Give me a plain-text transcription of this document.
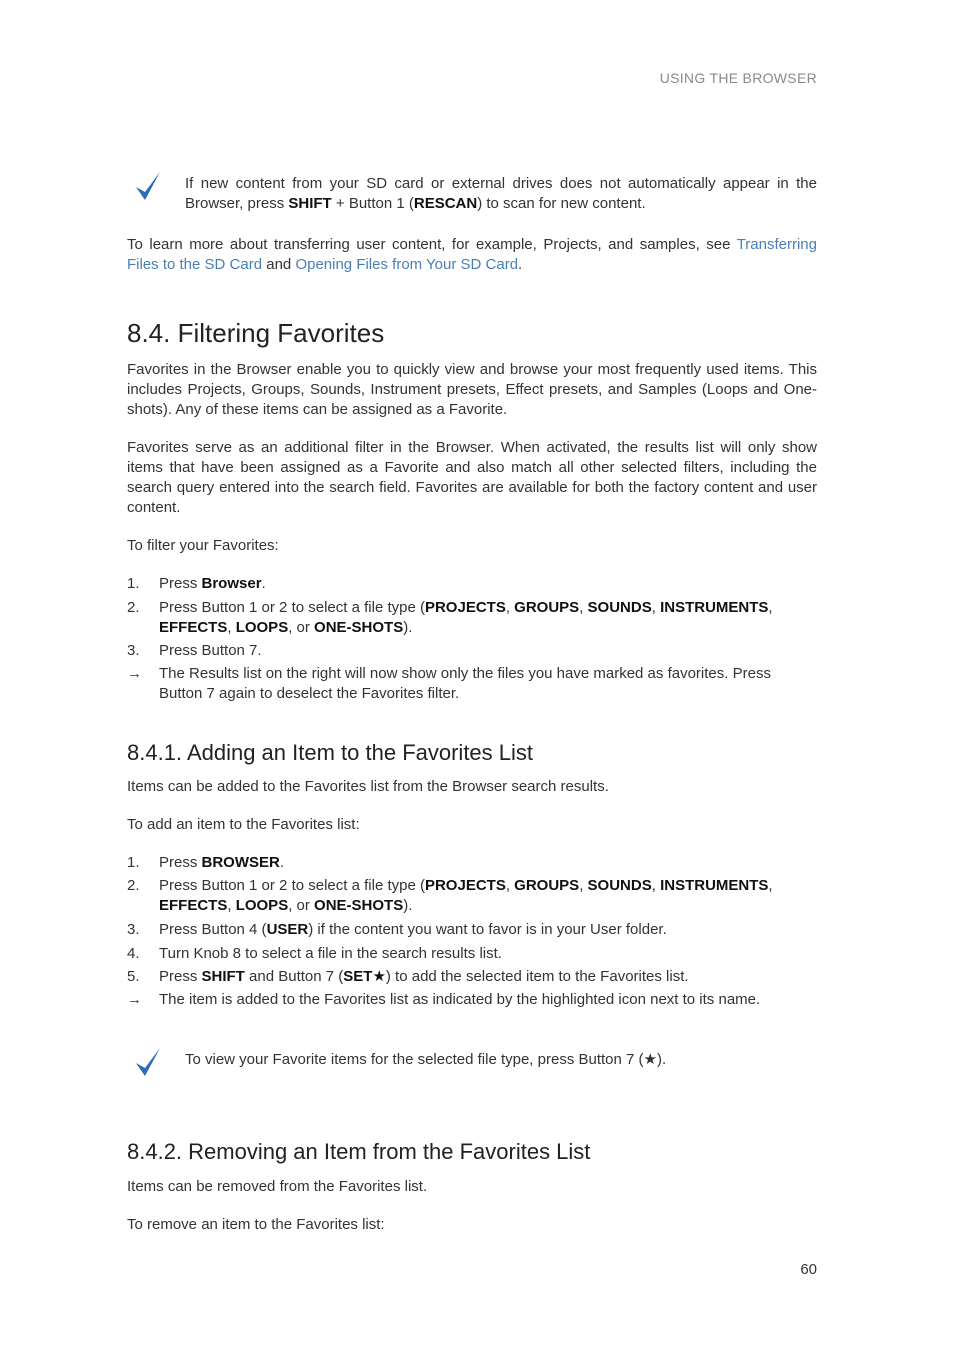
USING THE BROWSER
If new content from your SD card or external drives does not automatically appear in the Browser, press SHIFT + Button 1 (RESCAN) to scan for new content.
To learn more about transferring user content, for example, Projects, and samples, see Transferring Files to the SD Card and Opening Files from Your SD Card.
8.4. Filtering Favorites
Favorites in the Browser enable you to quickly view and browse your most frequently used items. This includes Projects, Groups, Sounds, Instrument presets, Effect presets, and Samples (Loops and One-shots). Any of these items can be assigned as a Favorite.
Favorites serve as an additional filter in the Browser. When activated, the results list will only show items that have been assigned as a Favorite and also match all other selected filters, including the search query entered into the search field. Favorites are available for both the factory content and user content.
To filter your Favorites:
1.	Press Browser.
2.	Press Button 1 or 2 to select a file type (PROJECTS, GROUPS, SOUNDS, INSTRUMENTS,
EFFECTS, LOOPS, or ONE-SHOTS).
3.	Press Button 7.
→	The Results list on the right will now show only the files you have marked as favorites. Press Button 7 again to deselect the Favorites filter.
8.4.1. Adding an Item to the Favorites List
Items can be added to the Favorites list from the Browser search results.
To add an item to the Favorites list:
1.	Press BROWSER.
2.	Press Button 1 or 2 to select a file type (PROJECTS, GROUPS, SOUNDS, INSTRUMENTS,
EFFECTS, LOOPS, or ONE-SHOTS).
3.	Press Button 4 (USER) if the content you want to favor is in your User folder.
4.	Turn Knob 8 to select a file in the search results list.
5.	Press SHIFT and Button 7 (SET★) to add the selected item to the Favorites list.
→	The item is added to the Favorites list as indicated by the highlighted icon next to its name.
To view your Favorite items for the selected file type, press Button 7 (★).
8.4.2. Removing an Item from the Favorites List
Items can be removed from the Favorites list.
To remove an item to the Favorites list:
60
